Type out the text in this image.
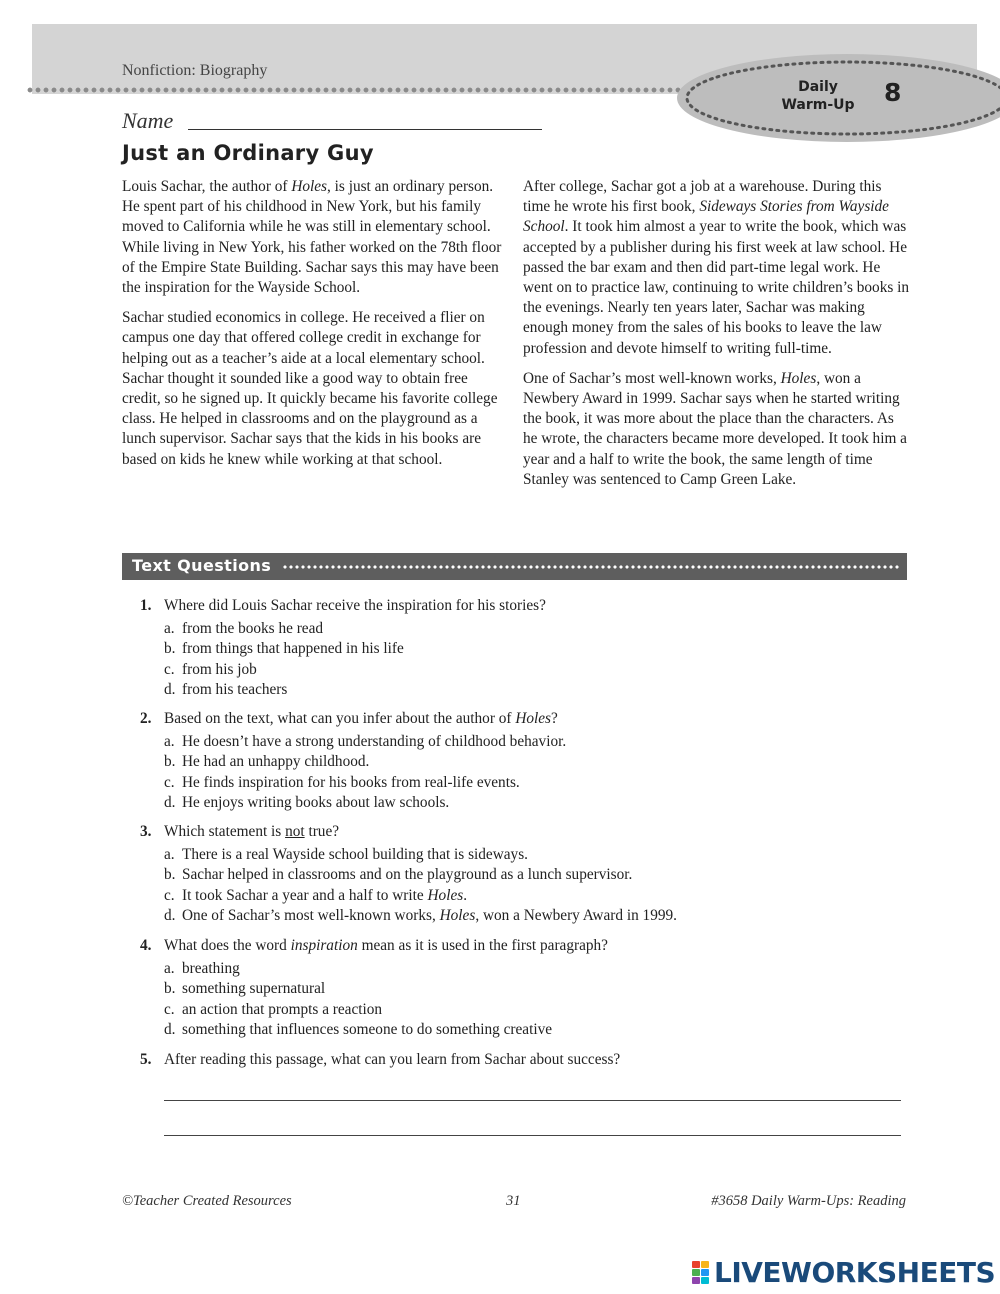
Nonfiction: Biography
Daily
Warm-Up	8
Name
Just an Ordinary Guy

Louis Sachar, the author of Holes, is just an ordinary person. He spent part of his childhood in New York, but his family moved to California while he was still in elementary school. While living in New York, his father worked on the 78th floor of the Empire State Building. Sachar says this may have been the inspiration for the Wayside School.

Sachar studied economics in college. He received a flier on campus one day that offered college credit in exchange for helping out as a teacher’s aide at a local elementary school. Sachar thought it sounded like a good way to obtain free credit, so he signed up. It quickly became his favorite college class. He helped in classrooms and on the playground as a lunch supervisor. Sachar says that the kids in his books are based on kids he knew while working at that school.

After college, Sachar got a job at a warehouse. During this time he wrote his first book, Sideways Stories from Wayside School. It took him almost a year to write the book, which was accepted by a publisher during his first week at law school. He passed the bar exam and then did part-time legal work. He went on to practice law, continuing to write children’s books in the evenings. Nearly ten years later, Sachar was making enough money from the sales of his books to leave the law profession and devote himself to writing full-time.

One of Sachar’s most well-known works, Holes, won a Newbery Award in 1999. Sachar says when he started writing the book, it was more about the place than the characters. As he wrote, the characters became more developed. It took him a year and a half to write the book, the same length of time Stanley was sentenced to Camp Green Lake.

Text Questions
1. Where did Louis Sachar receive the inspiration for his stories?
a. from the books he read
b. from things that happened in his life
c. from his job
d. from his teachers
2. Based on the text, what can you infer about the author of Holes?
a. He doesn’t have a strong understanding of childhood behavior.
b. He had an unhappy childhood.
c. He finds inspiration for his books from real-life events.
d. He enjoys writing books about law schools.
3. Which statement is not true?
a. There is a real Wayside school building that is sideways.
b. Sachar helped in classrooms and on the playground as a lunch supervisor.
c. It took Sachar a year and a half to write Holes.
d. One of Sachar’s most well-known works, Holes, won a Newbery Award in 1999.
4. What does the word inspiration mean as it is used in the first paragraph?
a. breathing
b. something supernatural
c. an action that prompts a reaction
d. something that influences someone to do something creative
5. After reading this passage, what can you learn from Sachar about success?
©Teacher Created Resources	31	#3658 Daily Warm-Ups: Reading
LIVEWORKSHEETS
